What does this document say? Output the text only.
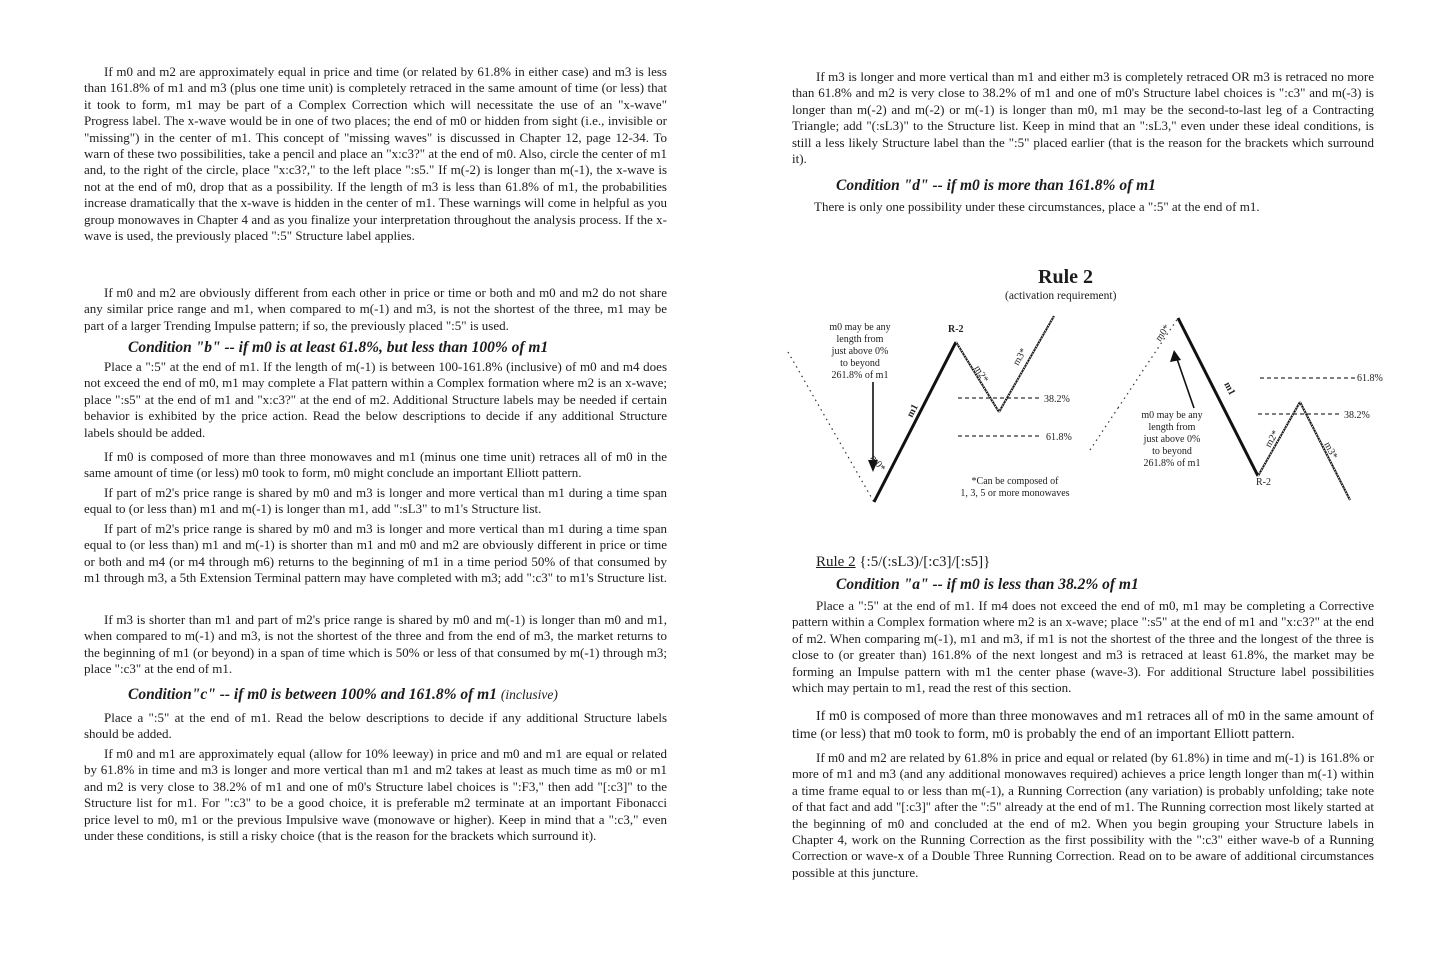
If m0 and m2 are approximately equal in price and time (or related by 61.8% in either case) and m3 is less than 161.8% of m1 and m3 (plus one time unit) is completely retraced in the same amount of time (or less) that it took to form, m1 may be part of a Complex Correction which will necessitate the use of an "x-wave" Progress label. The x-wave would be in one of two places; the end of m0 or hidden from sight (i.e., invisible or "missing") in the center of m1. This concept of "missing waves" is discussed in Chapter 12, page 12-34. To warn of these two possibilities, take a pencil and place an "x:c3?" at the end of m0. Also, circle the center of m1 and, to the right of the circle, place "x:c3?," to the left place ":s5." If m(-2) is longer than m(-1), the x-wave is not at the end of m0, drop that as a possibility. If the length of m3 is less than 61.8% of m1, the probabilities increase dramatically that the x-wave is hidden in the center of m1. These warnings will come in helpful as you group monowaves in Chapter 4 and as you finalize your interpretation throughout the analysis process. If the x-wave is used, the previously placed ":5" Structure label applies.

If m0 and m2 are obviously different from each other in price or time or both and m0 and m2 do not share any similar price range and m1, when compared to m(-1) and m3, is not the shortest of the three, m1 may be part of a larger Trending Impulse pattern; if so, the previously placed ":5" is used.

Condition "b" -- if m0 is at least 61.8%, but less than 100% of m1

Place a ":5" at the end of m1. If the length of m(-1) is between 100-161.8% (inclusive) of m0 and m4 does not exceed the end of m0, m1 may complete a Flat pattern within a Complex formation where m2 is an x-wave; place ":s5" at the end of m1 and "x:c3?" at the end of m2. Additional Structure labels may be needed if certain behavior is exhibited by the price action. Read the below descriptions to decide if any additional Structure labels should be added.

If m0 is composed of more than three monowaves and m1 (minus one time unit) retraces all of m0 in the same amount of time (or less) m0 took to form, m0 might conclude an important Elliott pattern.

If part of m2's price range is shared by m0 and m3 is longer and more vertical than m1 during a time span equal to (or less than) m1 and m(-1) is longer than m1, add ":sL3" to m1's Structure list.

If part of m2's price range is shared by m0 and m3 is longer and more vertical than m1 during a time span equal to (or less than) m1 and m(-1) is shorter than m1 and m0 and m2 are obviously different in price or time or both and m4 (or m4 through m6) returns to the beginning of m1 in a time period 50% of that consumed by m1 through m3, a 5th Extension Terminal pattern may have completed with m3; add ":c3" to m1's Structure list.

If m3 is shorter than m1 and part of m2's price range is shared by m0 and m(-1) is longer than m0 and m1, when compared to m(-1) and m3, is not the shortest of the three and from the end of m3, the market returns to the beginning of m1 (or beyond) in a span of time which is 50% or less of that consumed by m(-1) through m3; place ":c3" at the end of m1.

Condition"c" -- if m0 is between 100% and 161.8% of m1 (inclusive)

Place a ":5" at the end of m1. Read the below descriptions to decide if any additional Structure labels should be added.

If m0 and m1 are approximately equal (allow for 10% leeway) in price and m0 and m1 are equal or related by 61.8% in time and m3 is longer and more vertical than m1 and m2 takes at least as much time as m0 or m1 and m2 is very close to 38.2% of m1 and one of m0's Structure label choices is ":F3," then add "[:c3]" to the Structure list for m1. For ":c3" to be a good choice, it is preferable m2 terminate at an important Fibonacci price level to m0, m1 or the previous Impulsive wave (monowave or higher). Keep in mind that a ":c3," even under these conditions, is still a risky choice (that is the reason for the brackets which surround it).

If m3 is longer and more vertical than m1 and either m3 is completely retraced OR m3 is retraced no more than 61.8% and m2 is very close to 38.2% of m1 and one of m0's Structure label choices is ":c3" and m(-3) is longer than m(-2) and m(-2) or m(-1) is longer than m0, m1 may be the second-to-last leg of a Contracting Triangle; add "(:sL3)" to the Structure list. Keep in mind that an ":sL3," even under these ideal conditions, is still a less likely Structure label than the ":5" placed earlier (that is the reason for the brackets which surround it).

Condition "d" -- if m0 is more than 161.8% of m1

There is only one possibility under these circumstances, place a ":5" at the end of m1.

Rule 2
(activation requirement)
Rule 2 {:5/(:sL3)/[:c3]/[:s5]}
Condition "a" -- if m0 is less than 38.2% of m1

Place a ":5" at the end of m1. If m4 does not exceed the end of m0, m1 may be completing a Corrective pattern within a Complex formation where m2 is an x-wave; place ":s5" at the end of m1 and "x:c3?" at the end of m2. When comparing m(-1), m1 and m3, if m1 is not the shortest of the three and the longest of the three is close to (or greater than) 161.8% of the next longest and m3 is retraced at least 61.8%, the market may be forming an Impulse pattern with m1 the center phase (wave-3). For additional Structure label possibilities which may pertain to m1, read the rest of this section.

If m0 is composed of more than three monowaves and m1 retraces all of m0 in the same amount of time (or less) that m0 took to form, m0 is probably the end of an important Elliott pattern.

If m0 and m2 are related by 61.8% in price and equal or related (by 61.8%) in time and m(-1) is 161.8% or more of m1 and m3 (and any additional monowaves required) achieves a price length longer than m(-1) within a time frame equal to or less than m(-1), a Running Correction (any variation) is probably unfolding; take note of that fact and add "[:c3]" after the ":5" already at the end of m1. The Running correction most likely started at the beginning of m0 and concluded at the end of m2. When you begin grouping your Structure labels in Chapter 4, work on the Running Correction as the first possibility with the ":c3" either wave-b of a Running Correction or wave-x of a Double Three Running Correction. Read on to be aware of additional circumstances possible at this juncture.

R-2
38.2%
61.8%
m1
m2*
m3*
m0*
R-2
61.8%
38.2%
m1
m2*
m3*
m0*
m0 may be any
length from
just above 0%
to beyond
261.8% of m1
m0 may be any
length from
just above 0%
to beyond
261.8% of m1
*Can be composed of
1, 3, 5 or more monowaves
